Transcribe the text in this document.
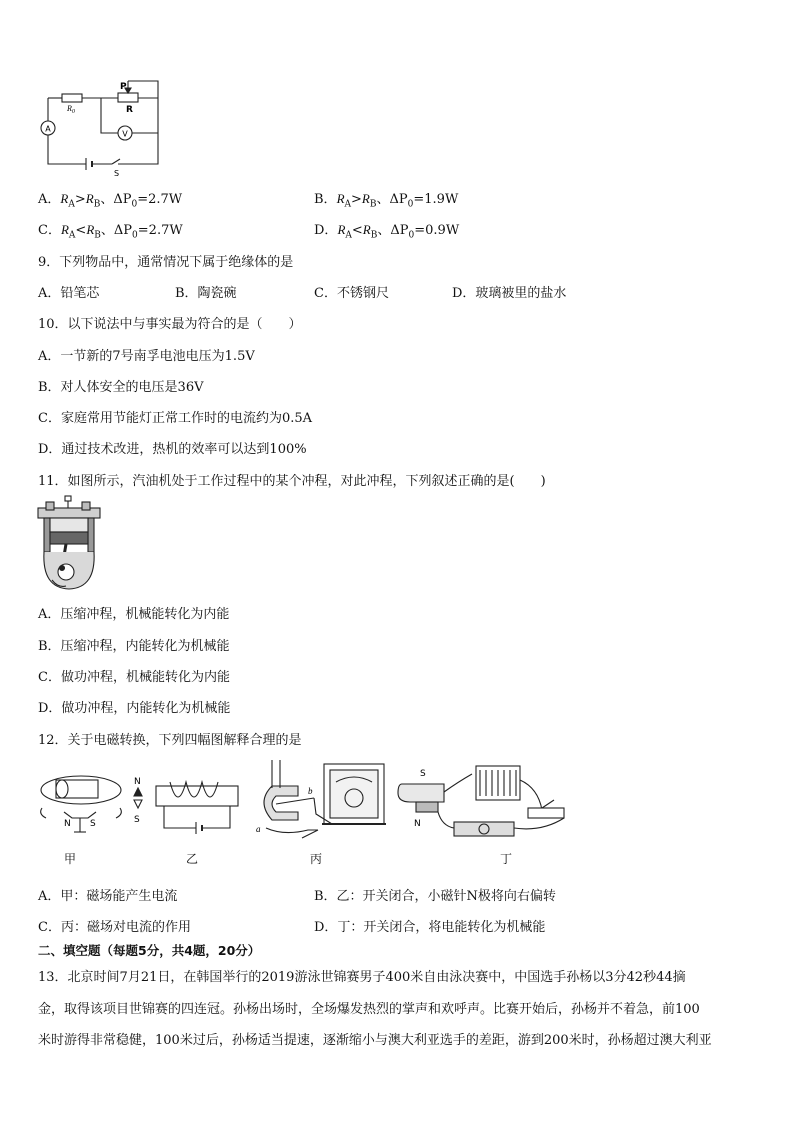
A
V
P
R
$R_0$
S
A．$R_A>R_B$、$\Delta P_0=2.7W$	B．$R_A>R_B$、$\Delta P_0=1.9W$
C．$R_A<R_B$、$\Delta P_0=2.7W$	D．$R_A<R_B$、$\Delta P_0=0.9W$
9．下列物品中，通常情况下属于绝缘体的是
A．铅笔芯	B．陶瓷碗	C．不锈钢尺	D．玻璃被里的盐水
10．以下说法中与事实最为符合的是（　　）
A．一节新的7号南孚电池电压为1.5V
B．对人体安全的电压是36V
C．家庭常用节能灯正常工作时的电流约为0.5A
D．通过技术改进，热机的效率可以达到100%
11．如图所示，汽油机处于工作过程中的某个冲程，对此冲程，下列叙述正确的是(　　)
A．压缩冲程，机械能转化为内能
B．压缩冲程，内能转化为机械能
C．做功冲程，机械能转化为内能
D．做功冲程，内能转化为机械能
12．关于电磁转换，下列四幅图解释合理的是
N S
N
S
b
a
S
N
甲	乙	丙	丁
A．甲：磁场能产生电流	B．乙：开关闭合，小磁针N极将向右偏转
C．丙：磁场对电流的作用	D．丁：开关闭合，将电能转化为机械能
二、填空题（每题5分，共4题，20分）
13．北京时间7月21日，在韩国举行的2019游泳世锦赛男子400米自由泳决赛中，中国选手孙杨以3分42秒44摘
金，取得该项目世锦赛的四连冠。孙杨出场时，全场爆发热烈的掌声和欢呼声。比赛开始后，孙杨并不着急，前100
米时游得非常稳健，100米过后，孙杨适当提速，逐渐缩小与澳大利亚选手的差距，游到200米时，孙杨超过澳大利亚
